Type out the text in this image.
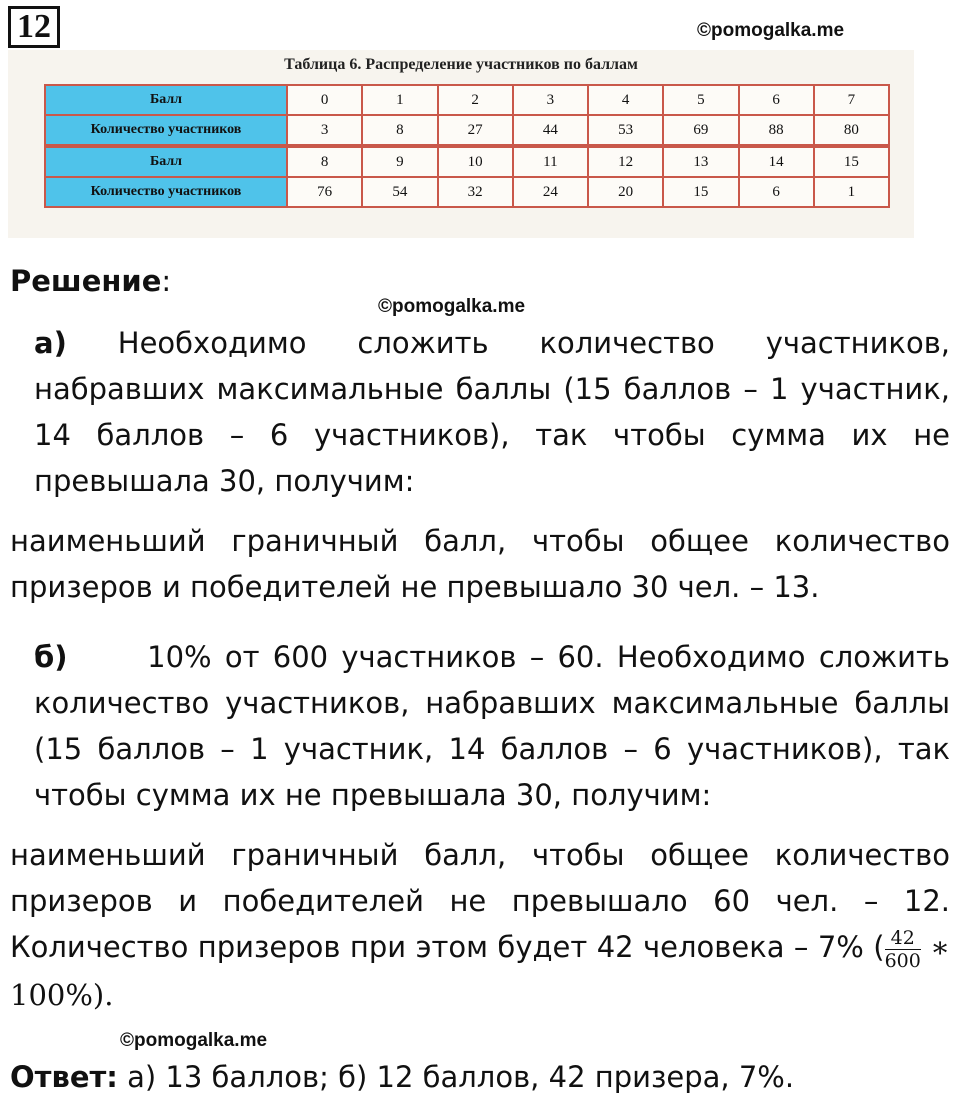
12	©pomogalka.me
Таблица 6. Распределение участников по баллам
Балл	0	1	2	3	4	5	6	7
Количество участников	3	8	27	44	53	69	88	80
Балл	8	9	10	11	12	13	14	15
Количество участников	76	54	32	24	20	15	6	1

Решение:

©pomogalka.me

а) Необходимо сложить количество участников, набравших максимальные баллы (15 баллов – 1 участник, 14 баллов – 6 участников), так чтобы сумма их не превышала 30, получим:

наименьший граничный балл, чтобы общее количество призеров и победителей не превышало 30 чел. – 13.

б)	10% от 600 участников – 60. Необходимо сложить количество участников, набравших максимальные баллы (15 баллов – 1 участник, 14 баллов – 6 участников), так чтобы сумма их не превышала 30, получим:

наименьший граничный балл, чтобы общее количество призеров и победителей не превышало 60 чел. – 12. Количество призеров при этом будет 42 человека – 7% ( $\frac{42}{600}$ ∗ 100%).

©pomogalka.me

Ответ: а) 13 баллов; б) 12 баллов, 42 призера, 7%.
